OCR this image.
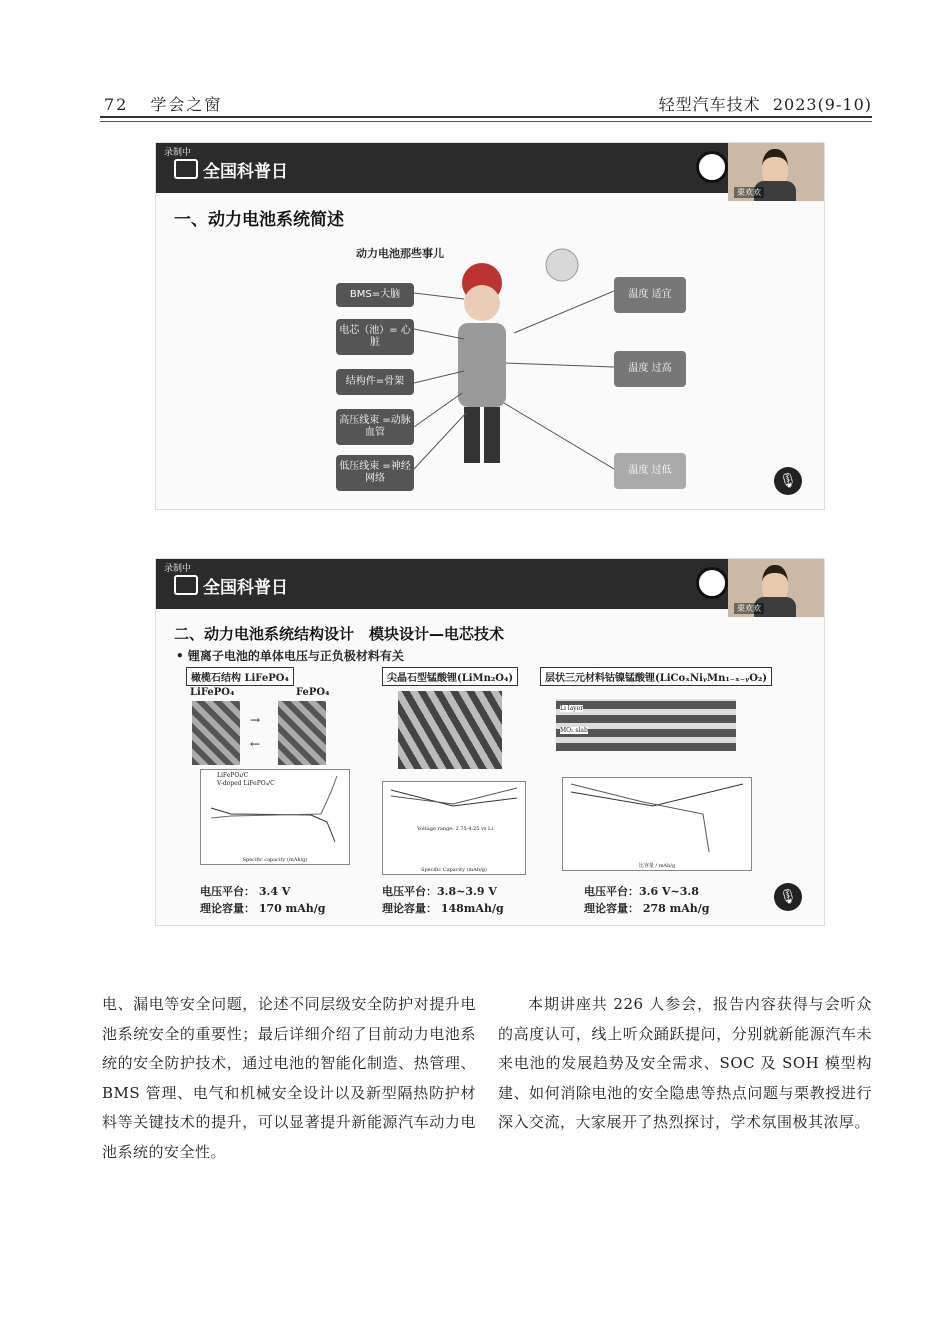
72 学会之窗	轻型汽车技术 2023(9-10)
录制中
全国科普日
栗欢欢
一、动力电池系统简述
动力电池那些事儿
BMS=大脑
电芯（池）= 心脏
结构件=骨架
高压线束 =动脉血管
低压线束 =神经网络
温度 适宜
温度 过高
温度 过低
🎙
录制中
全国科普日
栗欢欢
二、动力电池系统结构设计　模块设计—电芯技术
• 锂离子电池的单体电压与正负极材料有关
橄榄石结构 LiFePO₄
LiFePO₄	FePO₄
→
←
LiFePO₄/C
V-doped LiFePO₄/C
Specific capacity (mAh/g)
电压平台： 3.4 V
理论容量： 170 mAh/g
尖晶石型锰酸锂(LiMn₂O₄)
Voltage range: 2.75-4.25 vs Li
Specific Capacity (mAh/g)
电压平台：3.8~3.9 V
理论容量： 148mAh/g
层状三元材料钴镍锰酸锂(LiCoₓNiᵧMn₁₋ₓ₋ᵧO₂)
Li layer
MO₂ slab
比容量 / mAh/g
电压平台：3.6 V~3.8
理论容量： 278 mAh/g
🎙

电、漏电等安全问题，论述不同层级安全防护对提升电池系统安全的重要性；最后详细介绍了目前动力电池系统的安全防护技术，通过电池的智能化制造、热管理、BMS 管理、电气和机械安全设计以及新型隔热防护材料等关键技术的提升，可以显著提升新能源汽车动力电池系统的安全性。

本期讲座共 226 人参会，报告内容获得与会听众的高度认可，线上听众踊跃提问，分别就新能源汽车未来电池的发展趋势及安全需求、SOC 及 SOH 模型构建、如何消除电池的安全隐患等热点问题与栗教授进行深入交流，大家展开了热烈探讨，学术氛围极其浓厚。
